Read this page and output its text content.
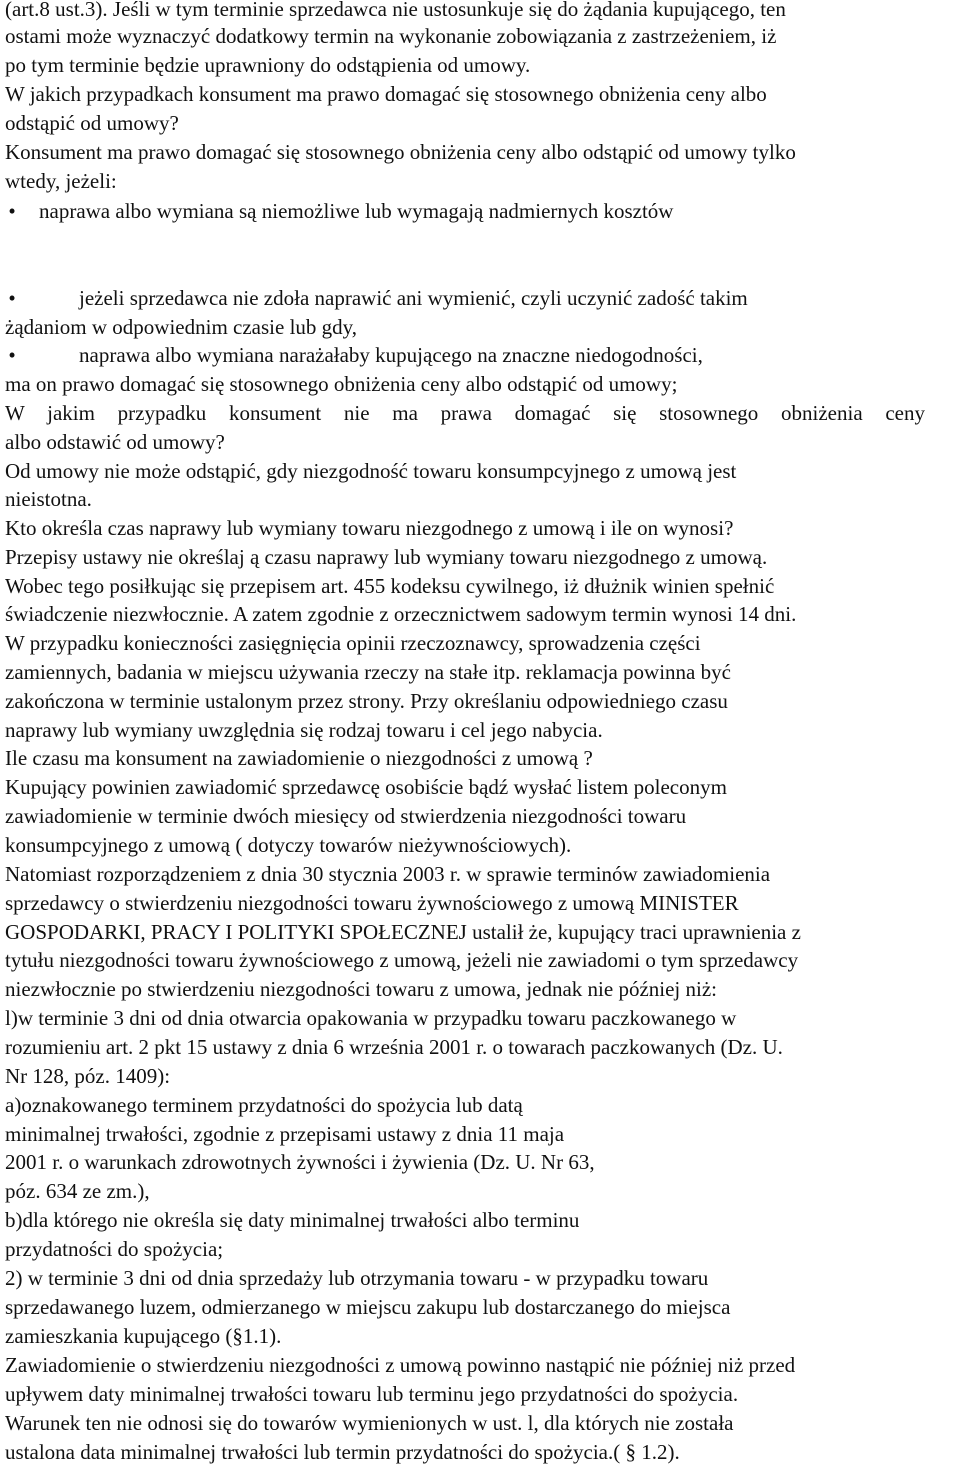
(art.8 ust.3). Jeśli w tym terminie sprzedawca nie ustosunkuje się do żądania kupującego, ten

ostami może wyznaczyć dodatkowy termin na wykonanie zobowiązania z zastrzeżeniem, iż

po tym terminie będzie uprawniony do odstąpienia od umowy.

W jakich przypadkach konsument ma prawo domagać się stosownego obniżenia ceny albo

odstąpić od umowy?

Konsument ma prawo domagać się stosownego obniżenia ceny albo odstąpić od umowy tylko

wtedy, jeżeli:

• naprawa albo wymiana są niemożliwe lub wymagają nadmiernych kosztów

•	jeżeli sprzedawca nie zdoła naprawić ani wymienić, czyli uczynić zadość takim

żądaniom w odpowiednim czasie lub gdy,

•	naprawa albo wymiana narażałaby kupującego na znaczne niedogodności,

ma on prawo domagać się stosownego obniżenia ceny albo odstąpić od umowy;

W jakim przypadku konsument nie ma prawa domagać się stosownego obniżenia ceny

albo odstawić od umowy?

Od umowy nie może odstąpić, gdy niezgodność towaru konsumpcyjnego z umową jest

nieistotna.

Kto określa czas naprawy lub wymiany towaru niezgodnego z umową i ile on wynosi?

Przepisy ustawy nie określaj ą czasu naprawy lub wymiany towaru niezgodnego z umową.

Wobec tego posiłkując się przepisem art. 455 kodeksu cywilnego, iż dłużnik winien spełnić

świadczenie niezwłocznie. A zatem zgodnie z orzecznictwem sadowym termin wynosi 14 dni.

W przypadku konieczności zasięgnięcia opinii rzeczoznawcy, sprowadzenia części

zamiennych, badania w miejscu używania rzeczy na stałe itp. reklamacja powinna być

zakończona w terminie ustalonym przez strony. Przy określaniu odpowiedniego czasu

naprawy lub wymiany uwzględnia się rodzaj towaru i cel jego nabycia.

Ile czasu ma konsument na zawiadomienie o niezgodności z umową ?

Kupujący powinien zawiadomić sprzedawcę osobiście bądź wysłać listem poleconym

zawiadomienie w terminie dwóch miesięcy od stwierdzenia niezgodności towaru

konsumpcyjnego z umową ( dotyczy towarów nieżywnościowych).

Natomiast rozporządzeniem z dnia 30 stycznia 2003 r. w sprawie terminów zawiadomienia

sprzedawcy o stwierdzeniu niezgodności towaru żywnościowego z umową MINISTER

GOSPODARKI, PRACY I POLITYKI SPOŁECZNEJ ustalił że, kupujący traci uprawnienia z

tytułu niezgodności towaru żywnościowego z umową, jeżeli nie zawiadomi o tym sprzedawcy

niezwłocznie po stwierdzeniu niezgodności towaru z umowa, jednak nie później niż:

l)w terminie 3 dni od dnia otwarcia opakowania w przypadku towaru paczkowanego w

rozumieniu art. 2 pkt 15 ustawy z dnia 6 września 2001 r. o towarach paczkowanych (Dz. U.

Nr 128, póz. 1409):

a)oznakowanego terminem przydatności do spożycia lub datą

minimalnej trwałości, zgodnie z przepisami ustawy z dnia 11 maja

2001 r. o warunkach zdrowotnych żywności i żywienia (Dz. U. Nr 63,

póz. 634 ze zm.),

b)dla którego nie określa się daty minimalnej trwałości albo terminu

przydatności do spożycia;

2) w terminie 3 dni od dnia sprzedaży lub otrzymania towaru - w przypadku towaru

sprzedawanego luzem, odmierzanego w miejscu zakupu lub dostarczanego do miejsca

zamieszkania kupującego (§1.1).

Zawiadomienie o stwierdzeniu niezgodności z umową powinno nastąpić nie później niż przed

upływem daty minimalnej trwałości towaru lub terminu jego przydatności do spożycia.

Warunek ten nie odnosi się do towarów wymienionych w ust. l, dla których nie została

ustalona data minimalnej trwałości lub termin przydatności do spożycia.( § 1.2).
